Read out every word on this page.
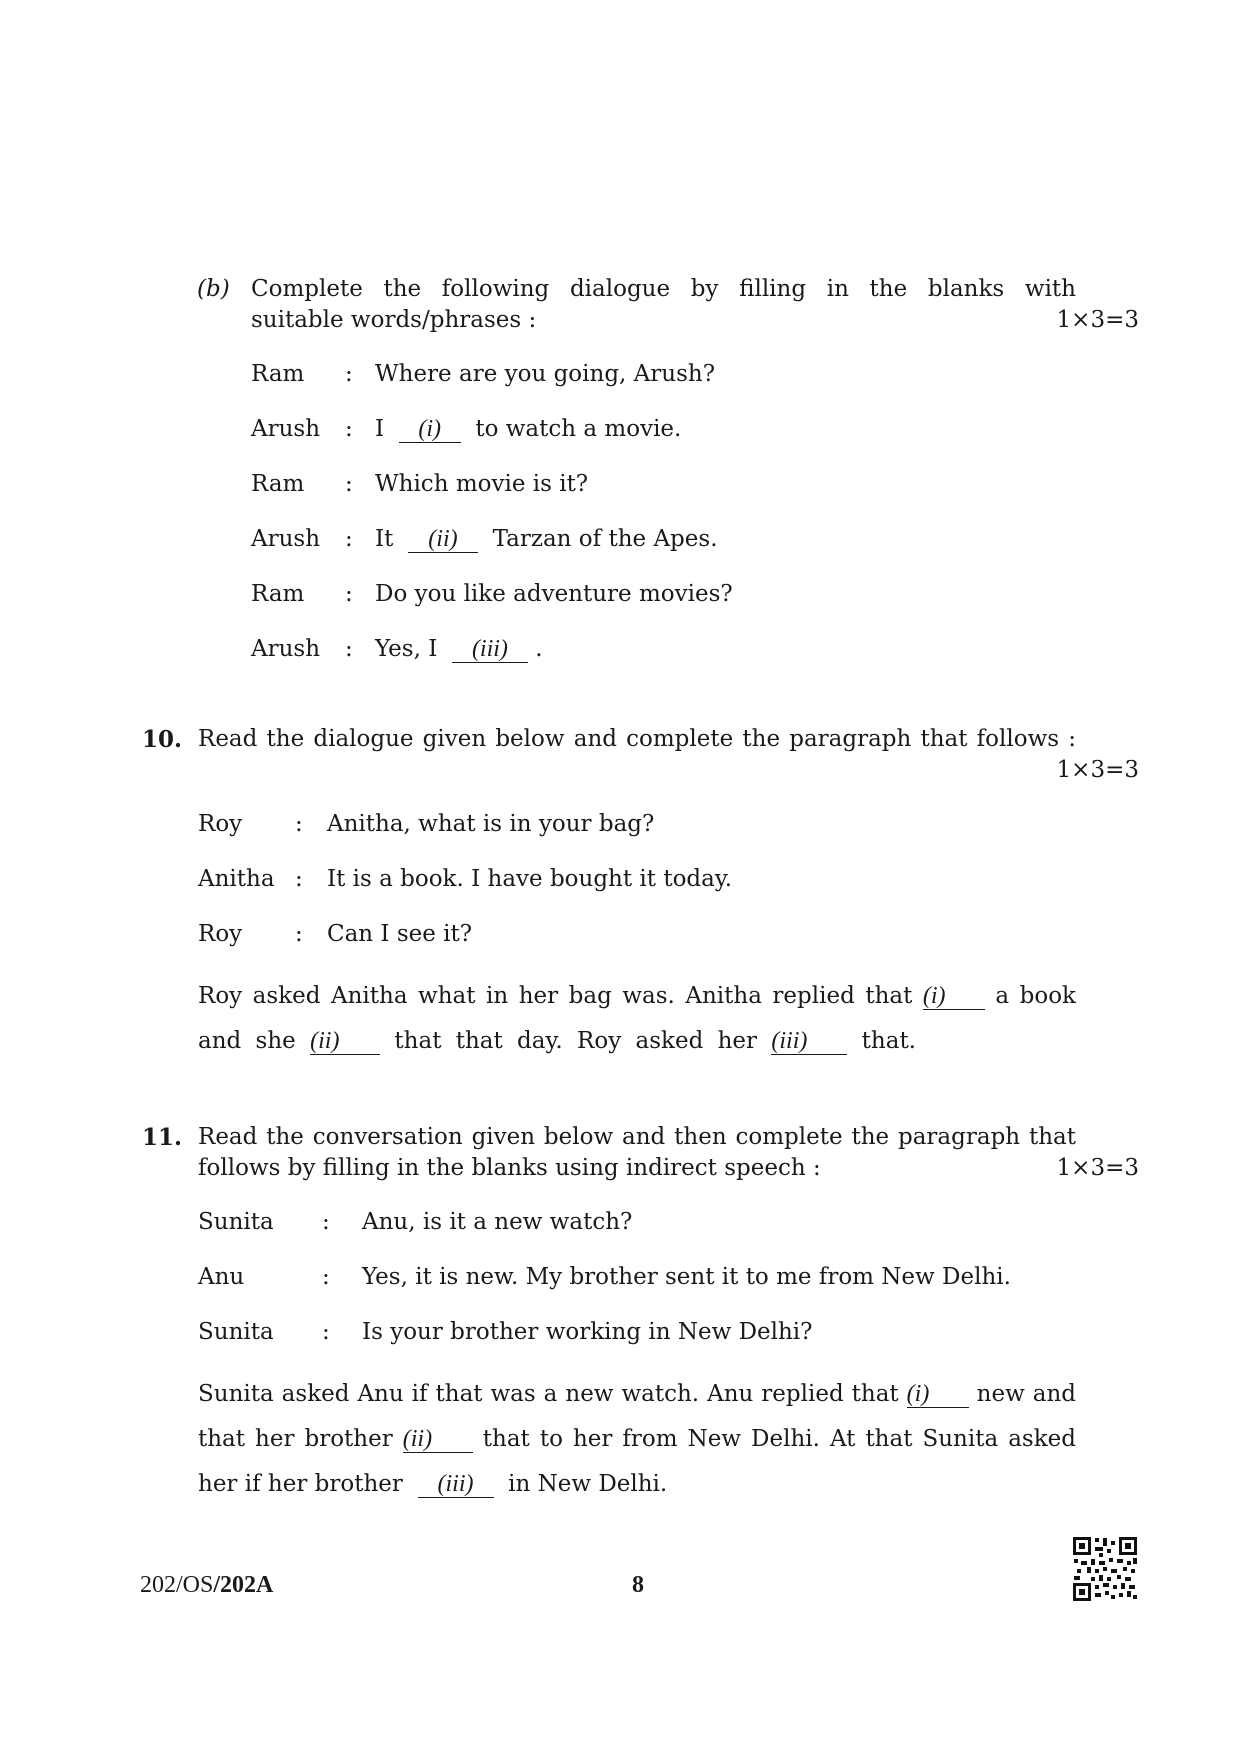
(b) Complete the following dialogue by filling in the blanks with
suitable words/phrases :	1×3=3
Ram : Where are you going, Arush?
Arush : I (i) to watch a movie.
Ram : Which movie is it?
Arush : It (ii) Tarzan of the Apes.
Ram : Do you like adventure movies?
Arush : Yes, I (iii) .
10. Read the dialogue given below and complete the paragraph that follows :
1×3=3
Roy : Anitha, what is in your bag?
Anitha : It is a book. I have bought it today.
Roy : Can I see it?
Roy asked Anitha what in her bag was. Anitha replied that (i) a book
and she (ii) that that day. Roy asked her (iii) that.
11. Read the conversation given below and then complete the paragraph that
follows by filling in the blanks using indirect speech :	1×3=3
Sunita : Anu, is it a new watch?
Anu	: Yes, it is new. My brother sent it to me from New Delhi.
Sunita : Is your brother working in New Delhi?
Sunita asked Anu if that was a new watch. Anu replied that (i) new and
that her brother (ii) that to her from New Delhi. At that Sunita asked
her if her brother (iii) in New Delhi.
202/OS/202A	8
